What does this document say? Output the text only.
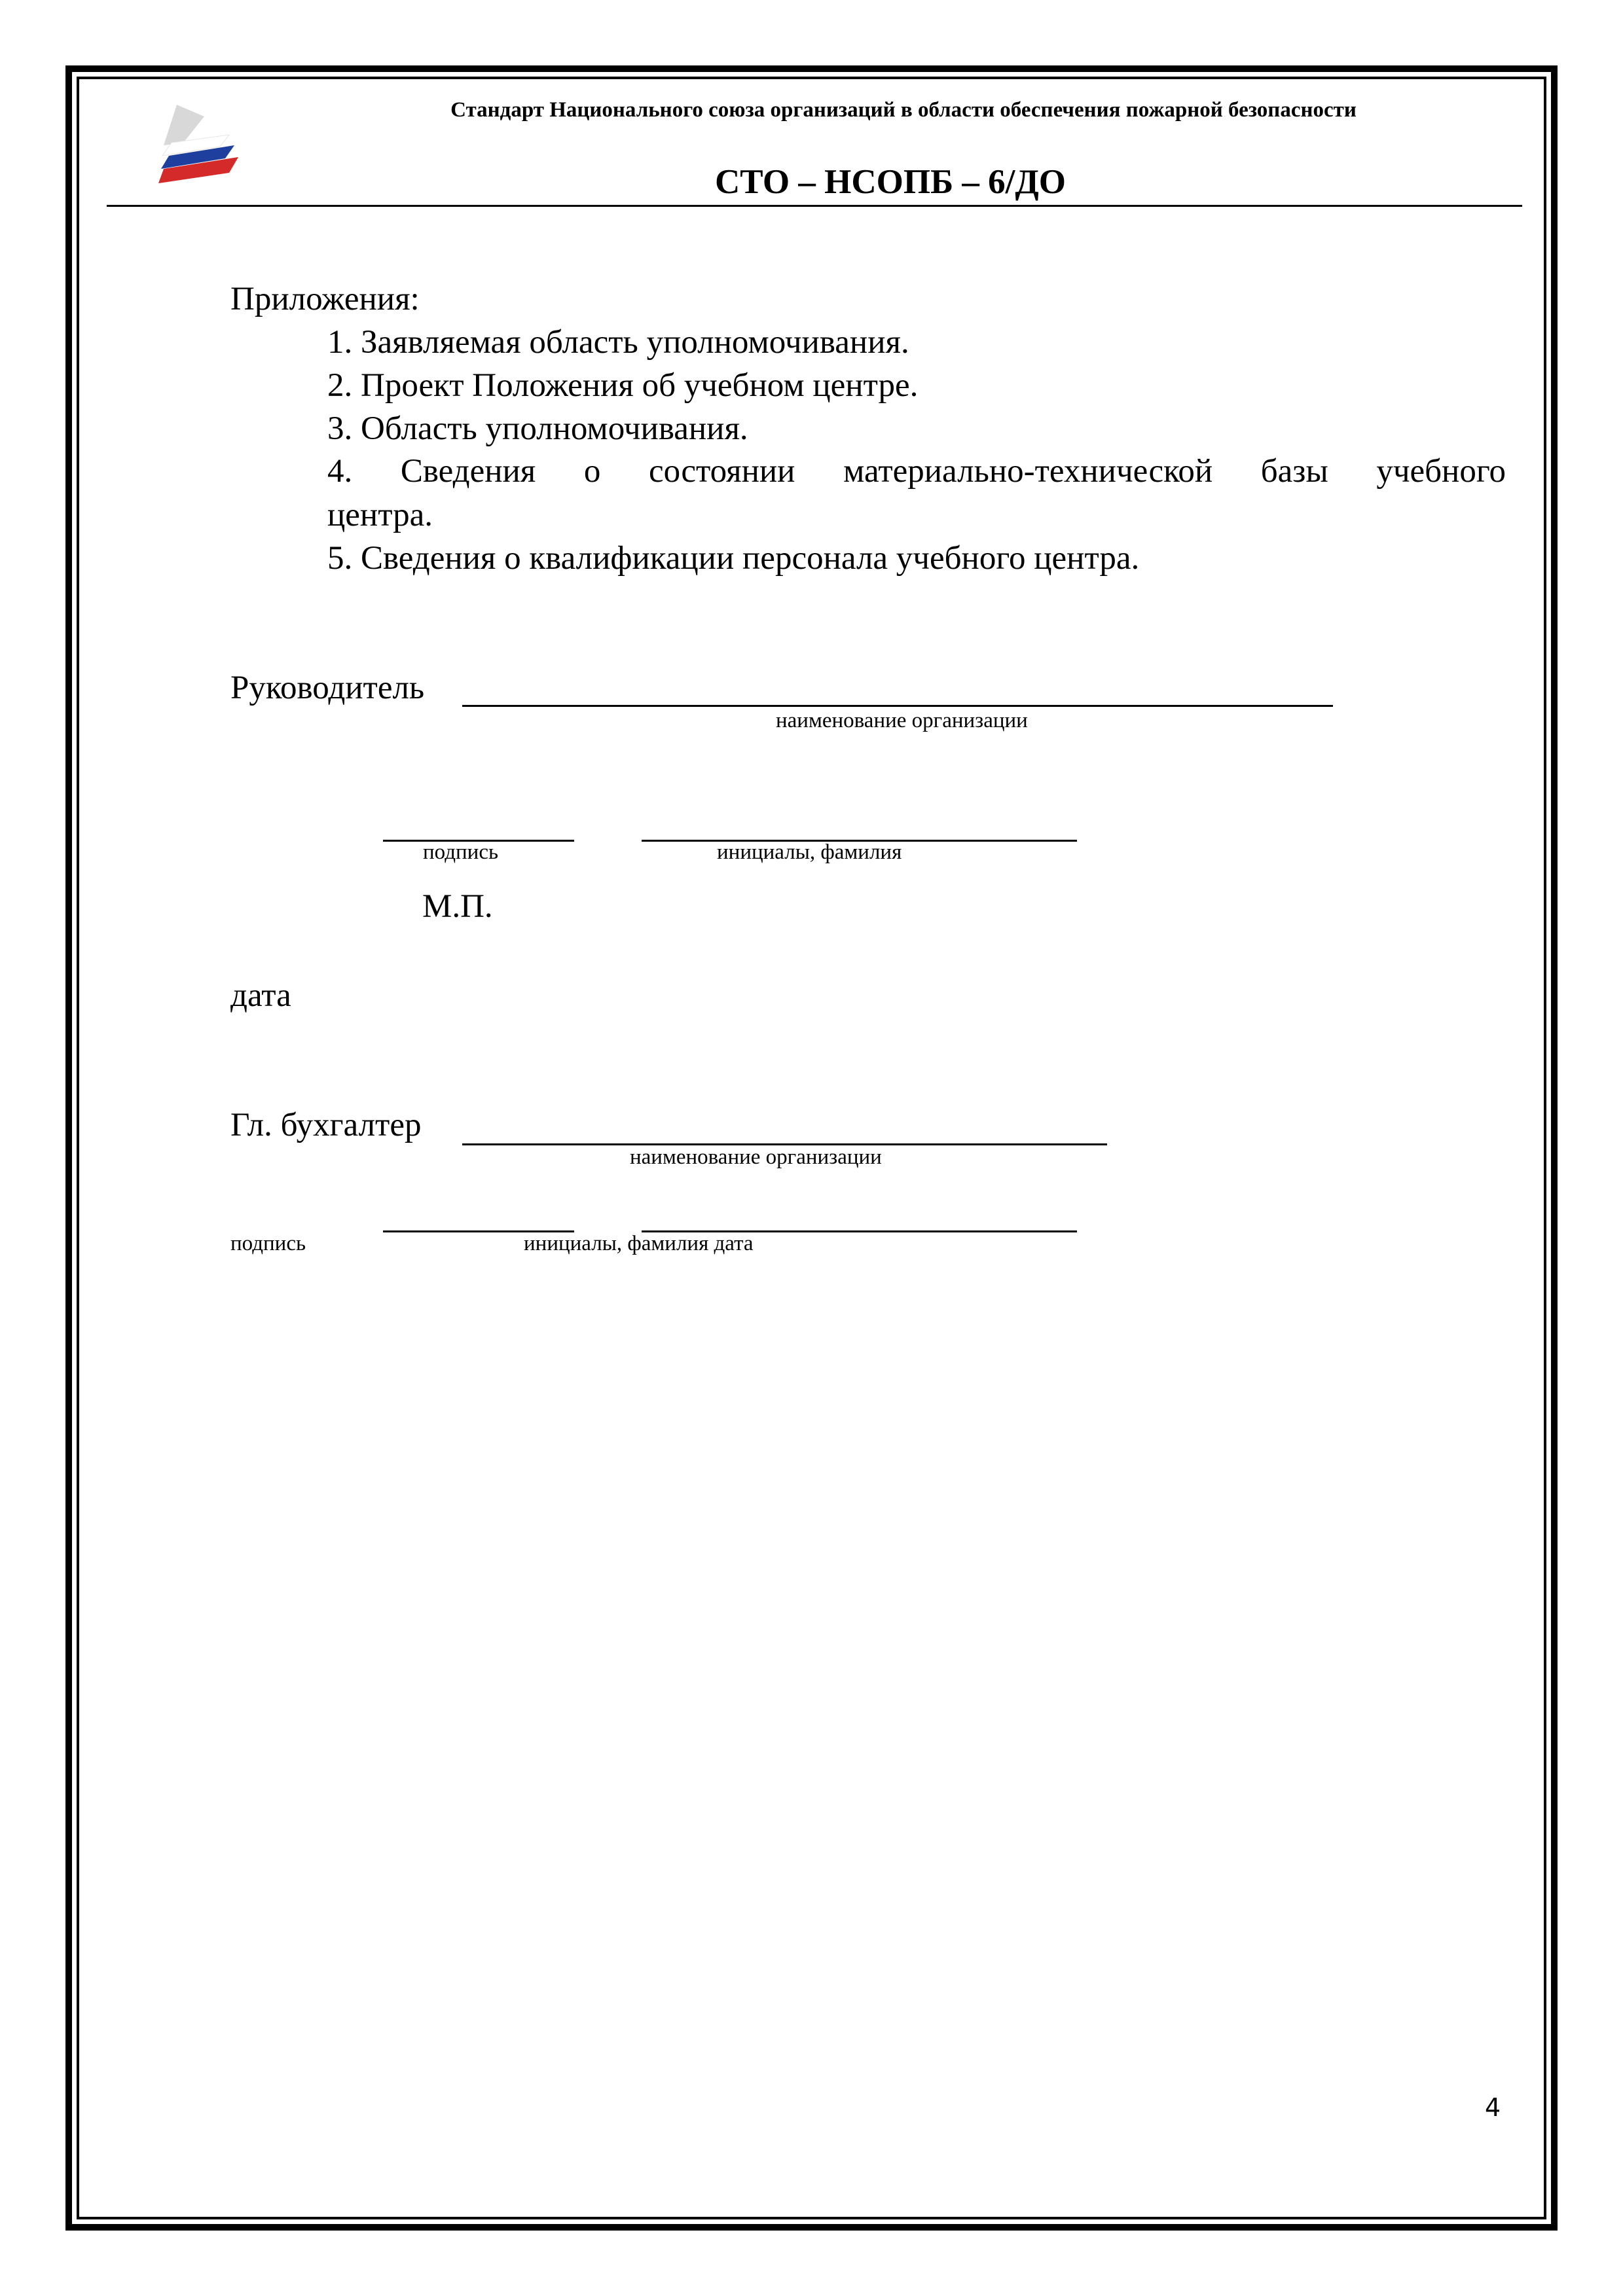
Стандарт Национального союза организаций в области обеспечения пожарной безопасности
СТО – НСОПБ – 6/ДО
Приложения:
1. Заявляемая область уполномочивания.
2. Проект Положения об учебном центре.
3. Область уполномочивания.
4. Сведения о состоянии материально-технической базы учебного
центра.
5. Сведения о квалификации персонала учебного центра.
Руководитель
наименование организации
подпись	инициалы, фамилия
М.П.
дата
Гл. бухгалтер
наименование организации
подпись	инициалы, фамилия дата
4
